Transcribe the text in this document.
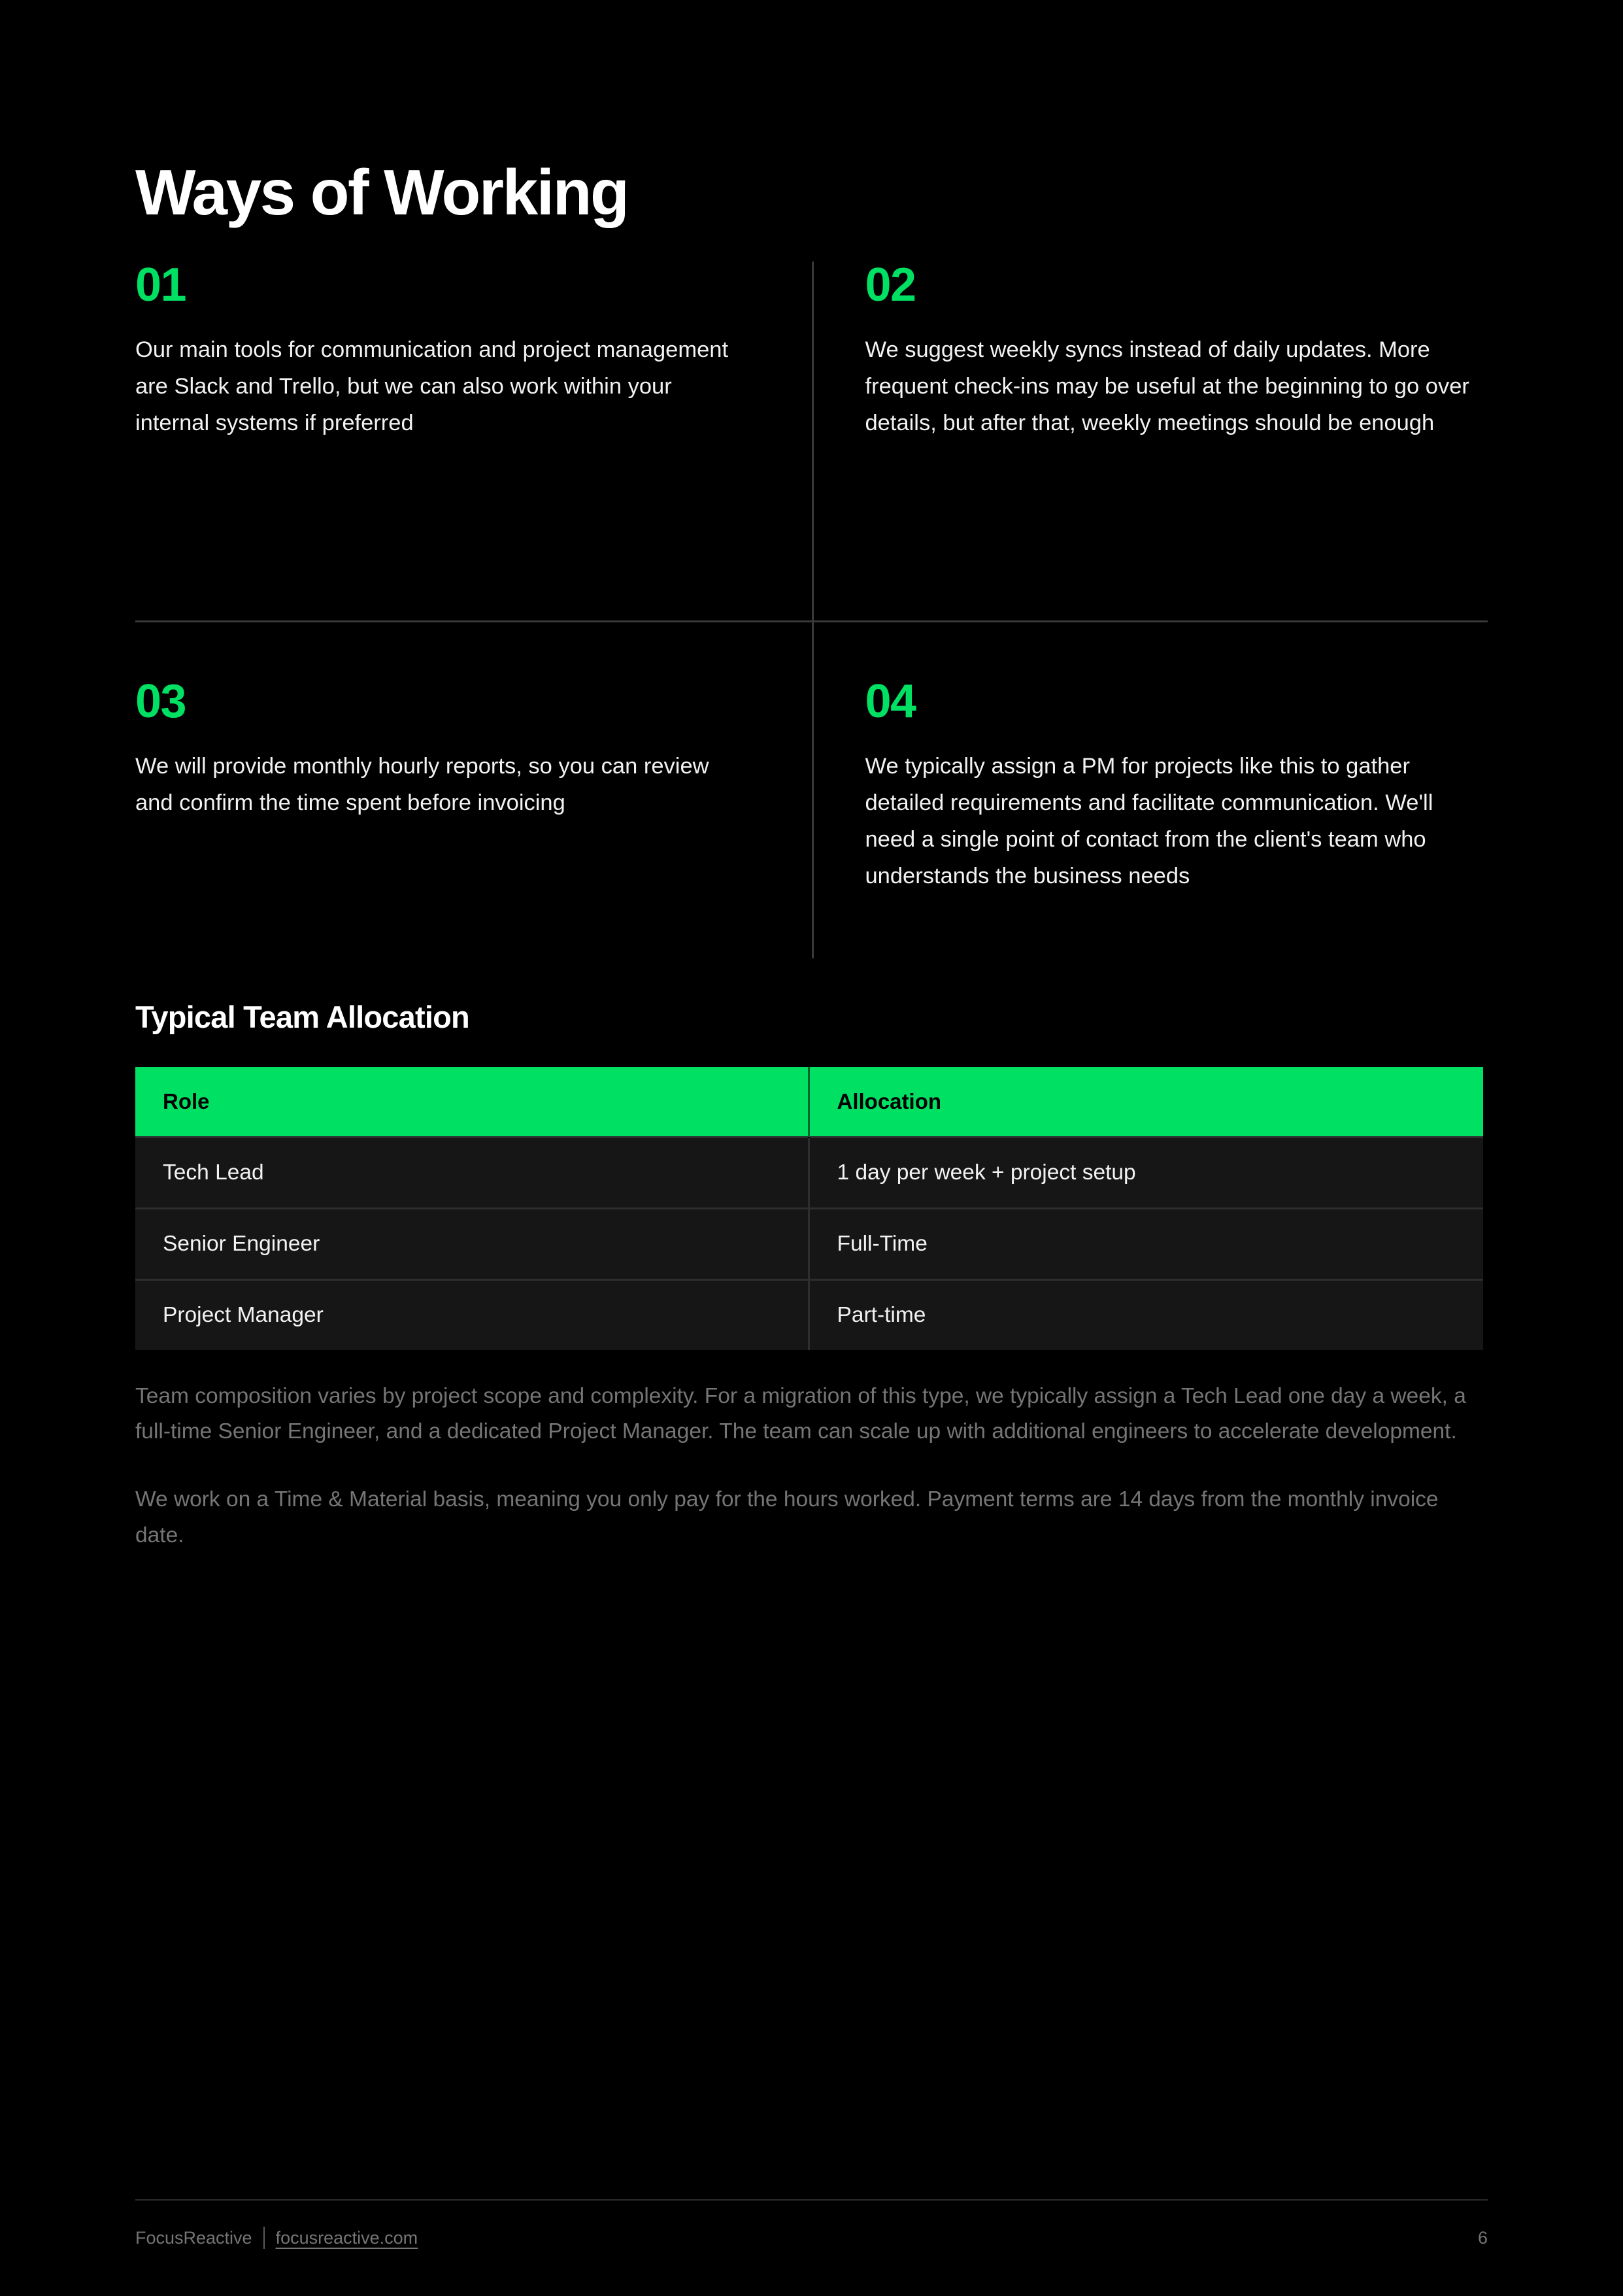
Ways of Working
01

Our main tools for communication and project management are Slack and Trello, but we can also work within your internal systems if preferred

02

We suggest weekly syncs instead of daily updates. More frequent check-ins may be useful at the beginning to go over details, but after that, weekly meetings should be enough

03

We will provide monthly hourly reports, so you can review and confirm the time spent before invoicing

04

We typically assign a PM for projects like this to gather detailed requirements and facilitate communication. We'll need a single point of contact from the client's team who understands the business needs

Typical Team Allocation
Role	Allocation
Tech Lead	1 day per week + project setup
Senior Engineer	Full-Time
Project Manager	Part-time

Team composition varies by project scope and complexity. For a migration of this type, we typically assign a Tech Lead one day a week, a full-time Senior Engineer, and a dedicated Project Manager. The team can scale up with additional engineers to accelerate development.

We work on a Time & Material basis, meaning you only pay for the hours worked. Payment terms are 14 days from the monthly invoice date.

FocusReactive focusreactive.com	6
